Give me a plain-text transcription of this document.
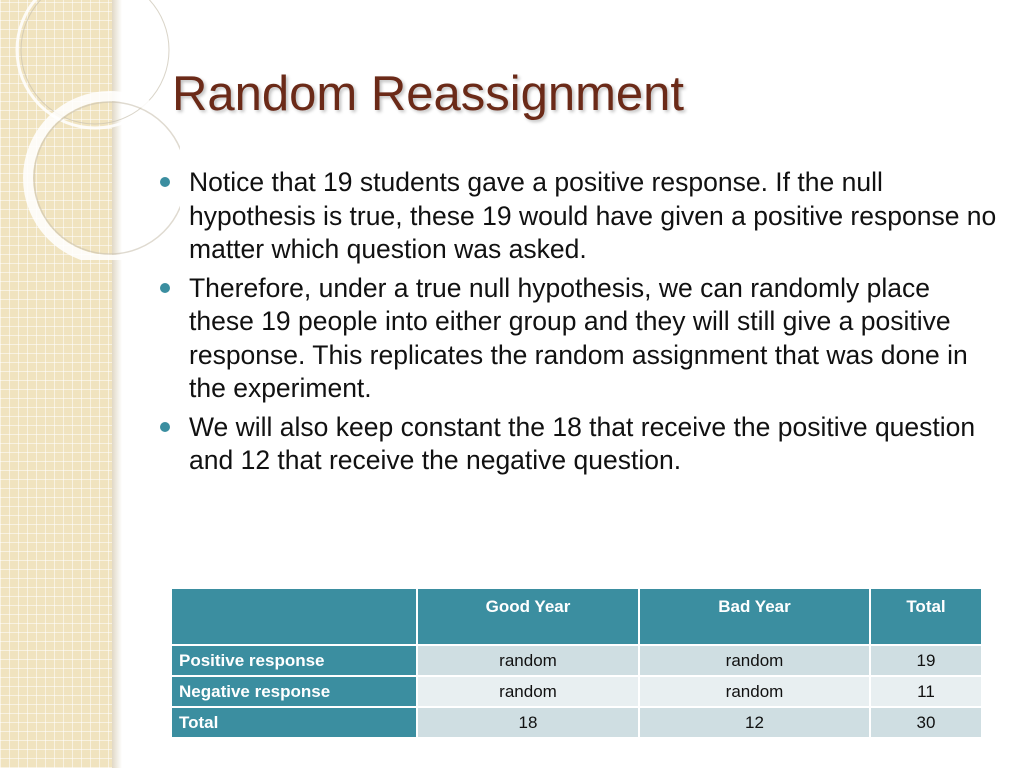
Random Reassignment
Notice that 19 students gave a positive response. If the null hypothesis is true, these 19 would have given a positive response no matter which question was asked.
Therefore, under a true null hypothesis, we can randomly place these 19 people into either group and they will still give a positive response. This replicates the random assignment that was done in the experiment.
We will also keep constant the 18 that receive the positive question and 12 that receive the negative question.
	Good Year	Bad Year	Total
Positive response	random	random	19
Negative response	random	random	11
Total	18	12	30
